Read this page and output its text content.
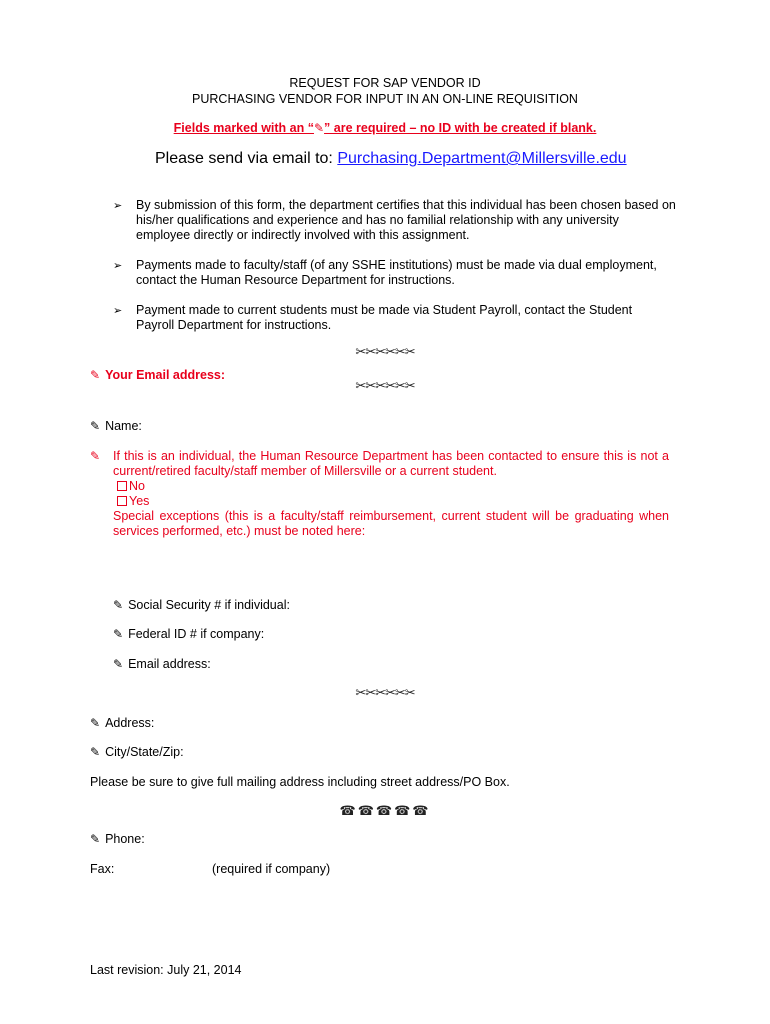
REQUEST FOR SAP VENDOR ID
PURCHASING VENDOR FOR INPUT IN AN ON-LINE REQUISITION
Fields marked with an “✎” are required – no ID with be created if blank.
Please send via email to: Purchasing.Department@Millersville.edu
➢ By submission of this form, the department certifies that this individual has been chosen based on his/her qualifications and experience and has no familial relationship with any university employee directly or indirectly involved with this assignment.
➢ Payments made to faculty/staff (of any SSHE institutions) must be made via dual employment, contact the Human Resource Department for instructions.
➢ Payment made to current students must be made via Student Payroll, contact the Student Payroll Department for instructions.
✂✂✂✂✂✂
✎ Your Email address:
✂✂✂✂✂✂
✎ Name:
✎ If this is an individual, the Human Resource Department has been contacted to ensure this is not a current/retired faculty/staff member of Millersville or a current student.
No
Yes
Special exceptions (this is a faculty/staff reimbursement, current student will be graduating when services performed, etc.) must be noted here:
✎ Social Security # if individual:
✎ Federal ID # if company:
✎ Email address:
✂✂✂✂✂✂
✎ Address:
✎ City/State/Zip:
Please be sure to give full mailing address including street address/PO Box.
☎☎☎☎☎
✎ Phone:
Fax:	(required if company)
Last revision: July 21, 2014
